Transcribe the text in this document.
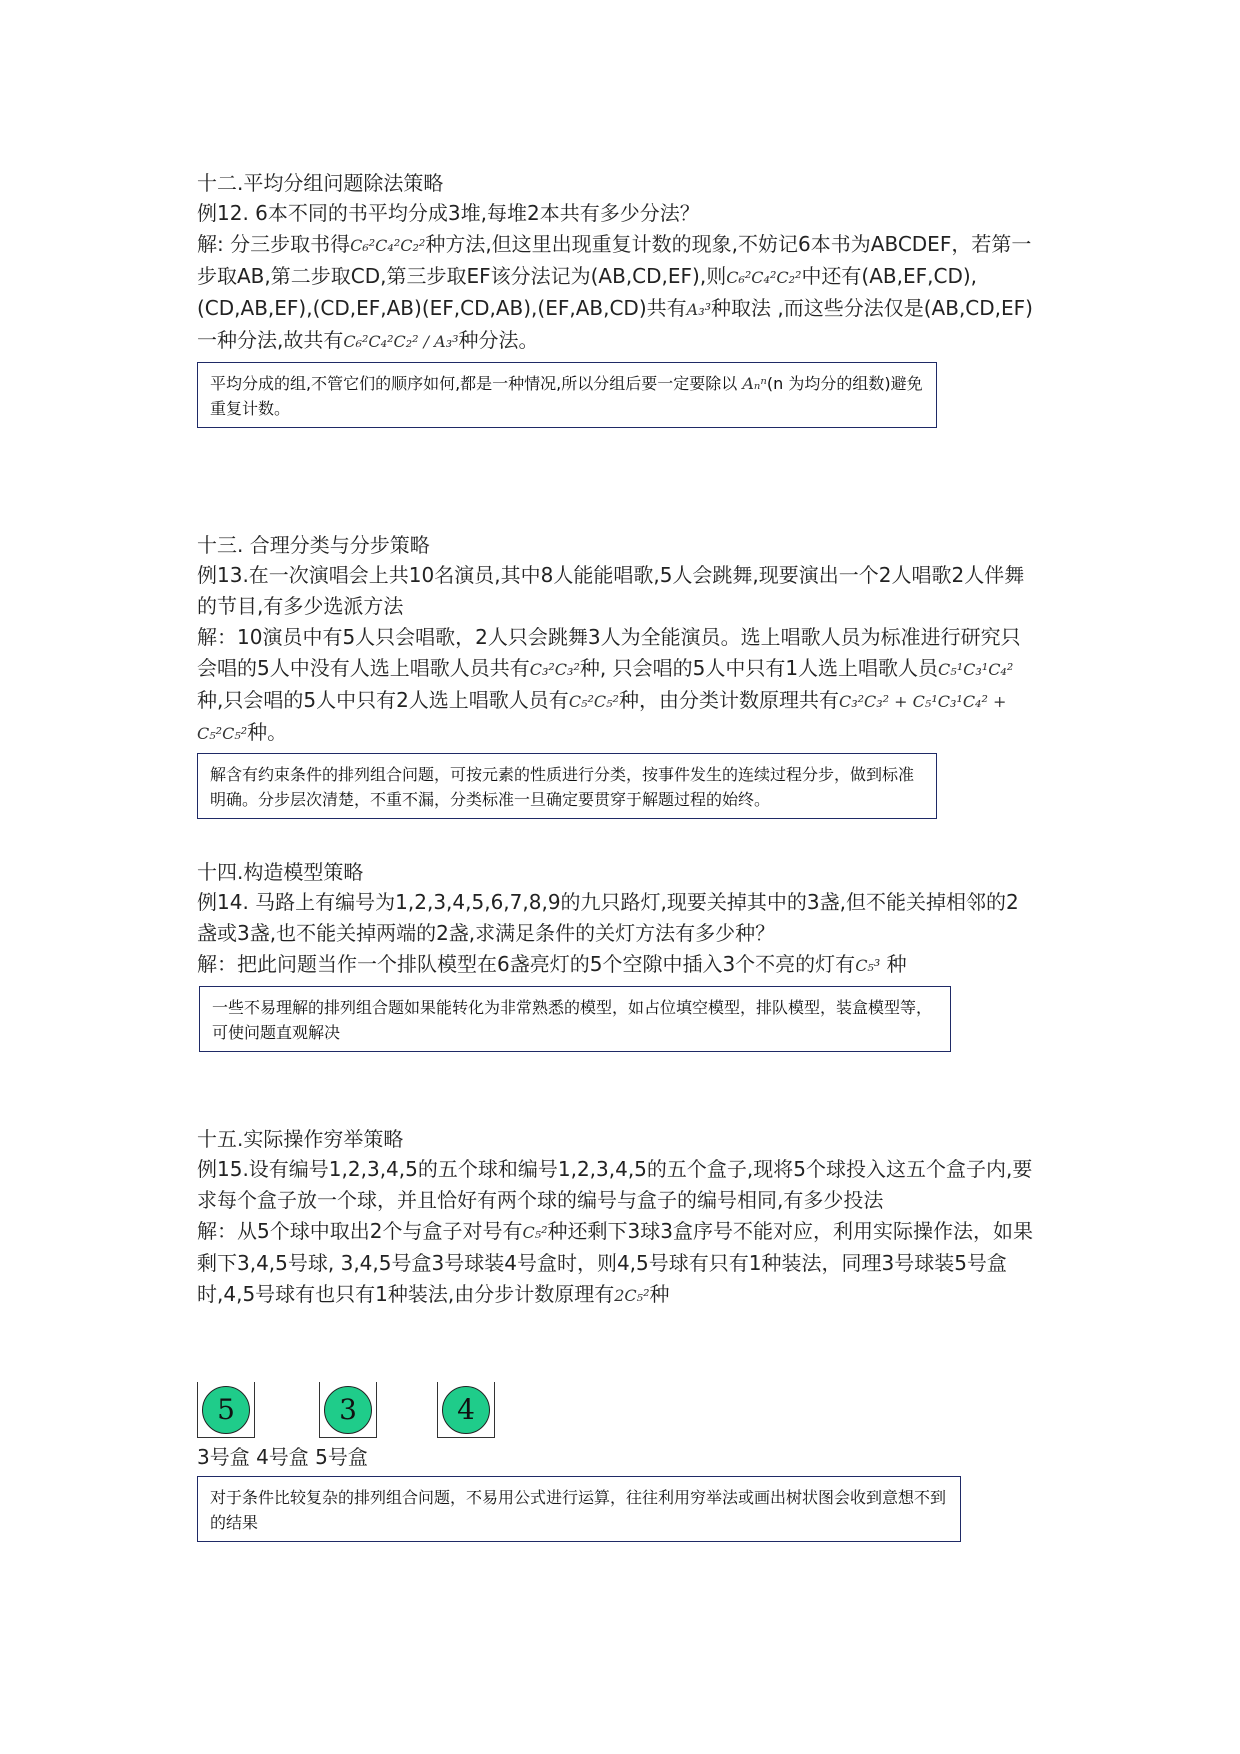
十二.平均分组问题除法策略
例12. 6本不同的书平均分成3堆,每堆2本共有多少分法？
解: 分三步取书得C₆²C₄²C₂²种方法,但这里出现重复计数的现象,不妨记6本书为ABCDEF，若第一步取AB,第二步取CD,第三步取EF该分法记为(AB,CD,EF),则C₆²C₄²C₂²中还有(AB,EF,CD),(CD,AB,EF),(CD,EF,AB)(EF,CD,AB),(EF,AB,CD)共有A₃³种取法 ,而这些分法仅是(AB,CD,EF)一种分法,故共有C₆²C₄²C₂² / A₃³种分法。
平均分成的组,不管它们的顺序如何,都是一种情况,所以分组后要一定要除以 Aₙⁿ(n 为均分的组数)避免重复计数。
十三. 合理分类与分步策略
例13.在一次演唱会上共10名演员,其中8人能能唱歌,5人会跳舞,现要演出一个2人唱歌2人伴舞的节目,有多少选派方法
解：10演员中有5人只会唱歌，2人只会跳舞3人为全能演员。选上唱歌人员为标准进行研究只会唱的5人中没有人选上唱歌人员共有C₃²C₃²种, 只会唱的5人中只有1人选上唱歌人员C₅¹C₃¹C₄²种,只会唱的5人中只有2人选上唱歌人员有C₅²C₅²种，由分类计数原理共有C₃²C₃² + C₅¹C₃¹C₄² + C₅²C₅²种。
解含有约束条件的排列组合问题，可按元素的性质进行分类，按事件发生的连续过程分步，做到标准明确。分步层次清楚，不重不漏，分类标准一旦确定要贯穿于解题过程的始终。
十四.构造模型策略
例14. 马路上有编号为1,2,3,4,5,6,7,8,9的九只路灯,现要关掉其中的3盏,但不能关掉相邻的2盏或3盏,也不能关掉两端的2盏,求满足条件的关灯方法有多少种？
解：把此问题当作一个排队模型在6盏亮灯的5个空隙中插入3个不亮的灯有C₅³ 种
一些不易理解的排列组合题如果能转化为非常熟悉的模型，如占位填空模型，排队模型，装盒模型等，可使问题直观解决
十五.实际操作穷举策略
例15.设有编号1,2,3,4,5的五个球和编号1,2,3,4,5的五个盒子,现将5个球投入这五个盒子内,要求每个盒子放一个球，并且恰好有两个球的编号与盒子的编号相同,有多少投法
解：从5个球中取出2个与盒子对号有C₅²种还剩下3球3盒序号不能对应，利用实际操作法，如果
剩下3,4,5号球, 3,4,5号盒3号球装4号盒时，则4,5号球有只有1种装法，同理3号球装5号盒时,4,5号球有也只有1种装法,由分步计数原理有2C₅²种
5	3	4
3号盒 4号盒 5号盒
对于条件比较复杂的排列组合问题，不易用公式进行运算，往往利用穷举法或画出树状图会收到意想不到的结果
